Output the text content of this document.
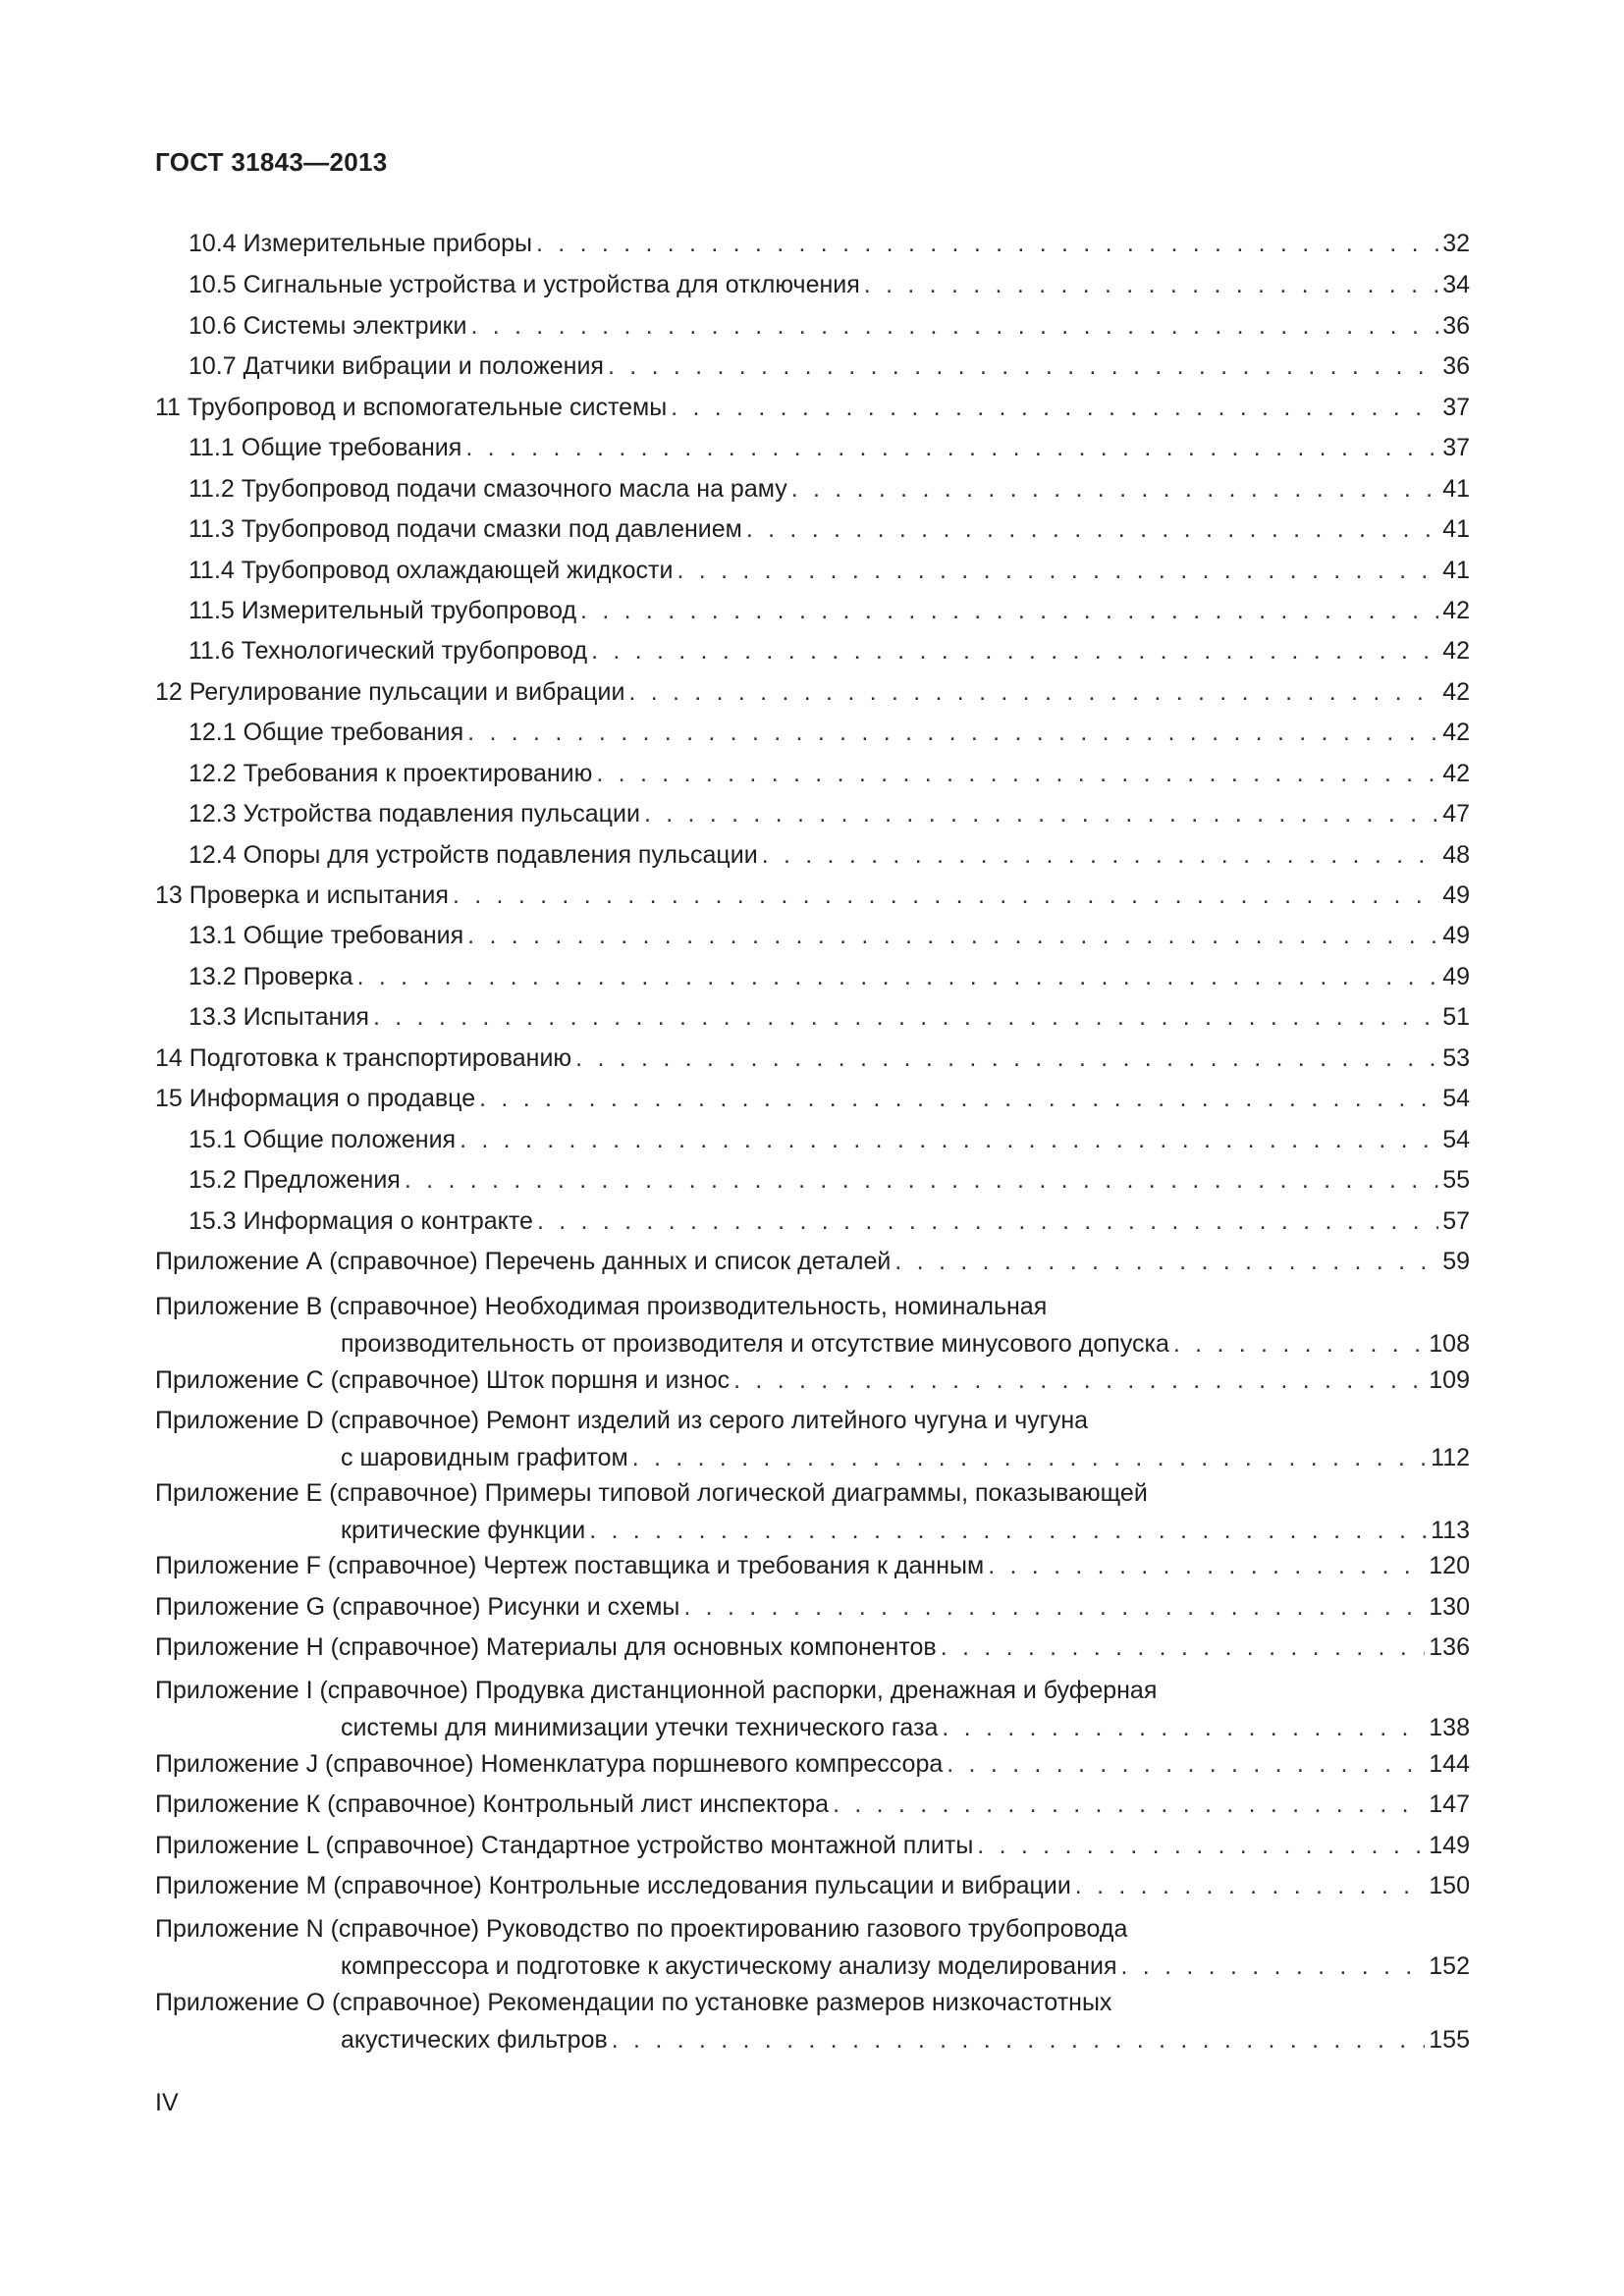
ГОСТ 31843—2013
10.4 Измерительные приборы . . .	32
10.5 Сигнальные устройства и устройства для отключения . . .	34
10.6 Системы электрики . . .	36
10.7 Датчики вибрации и положения . . .	36
11 Трубопровод и вспомогательные системы . . .	37
11.1 Общие требования . . .	37
11.2 Трубопровод подачи смазочного масла на раму . . .	41
11.3 Трубопровод подачи смазки под давлением . . .	41
11.4 Трубопровод охлаждающей жидкости . . .	41
11.5 Измерительный трубопровод . . .	42
11.6 Технологический трубопровод . . .	42
12 Регулирование пульсации и вибрации . . .	42
12.1 Общие требования . . .	42
12.2 Требования к проектированию . . .	42
12.3 Устройства подавления пульсации . . .	47
12.4 Опоры для устройств подавления пульсации . . .	48
13 Проверка и испытания . . .	49
13.1 Общие требования . . .	49
13.2 Проверка . . .	49
13.3 Испытания . . .	51
14 Подготовка к транспортированию . . .	53
15 Информация о продавце . . .	54
15.1 Общие положения . . .	54
15.2 Предложения . . .	55
15.3 Информация о контракте . . .	57
Приложение А (справочное) Перечень данных и список деталей . . .	59
Приложение В (справочное) Необходимая производительность, номинальная
производительность от производителя и отсутствие минусового допуска . . .	108
Приложение С (справочное) Шток поршня и износ . . .	109
Приложение D (справочное) Ремонт изделий из серого литейного чугуна и чугуна
с шаровидным графитом . . .	112
Приложение Е (справочное) Примеры типовой логической диаграммы, показывающей
критические функции . . .	113
Приложение F (справочное) Чертеж поставщика и требования к данным . . .	120
Приложение G (справочное) Рисунки и схемы . . .	130
Приложение Н (справочное) Материалы для основных компонентов . . .	136
Приложение I (справочное) Продувка дистанционной распорки, дренажная и буферная
системы для минимизации утечки технического газа . . .	138
Приложение J (справочное) Номенклатура поршневого компрессора . . .	144
Приложение К (справочное) Контрольный лист инспектора . . .	147
Приложение L (справочное) Стандартное устройство монтажной плиты . . .	149
Приложение М (справочное) Контрольные исследования пульсации и вибрации . . .	150
Приложение N (справочное) Руководство по проектированию газового трубопровода
компрессора и подготовке к акустическому анализу моделирования . . .	152
Приложение О (справочное) Рекомендации по установке размеров низкочастотных
акустических фильтров . . .	155
IV
